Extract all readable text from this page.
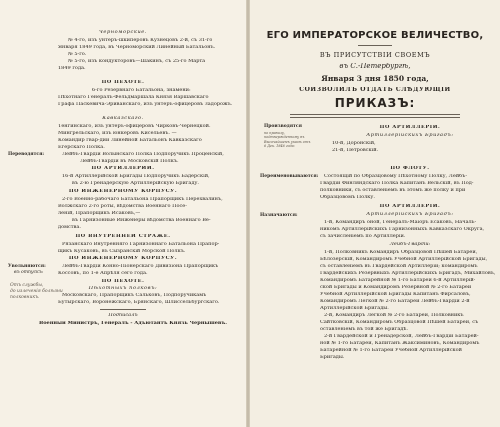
Черноморские.
№ 4-го, изъ унтеръ-шкиперовъ Кузнецовъ 2-й, съ 31-го
Января 1849 года, въ Черноморский Линейный Батальонъ.
№ 5-го.
№ 5-го, изъ кондукторовъ—Шакинъ, съ 25-го Марта
1849 года.
ПО ПЕХОТЕ.
6-го Резервнаго Батальона, знамени:
Пѣхотнаго Генералъ-Фельдмаршала Князя Варшавскаго
Графа Паскевича-Эриванскаго, изъ унтеръ-офицеровъ Задорожъ.
Кавказскаго.
Тенгинскаго, изъ унтеръ-офицеровъ Чирковъ-Чернецкой.
Мингрельскаго, изъ юнкеровъ Кисельевъ. —
Командир гвар-дии Линейной Батальонъ Кавказскаго
Егерскаго Полка.
Лейбъ-Гвардіи Волынскаго Полка Подпоручикъ Проценскій,
Лейбъ-Гвардіи въ Московскій Полкъ.
ПО АРТИЛЛЕРИИ.
16-й Артиллерійской Бригады Подпоручикъ Бадерскій,
въ 2-ю Гренадерскую Артиллерійскую Бригаду.
ПО ИНЖЕНЕРНОМУ КОРПУСУ.
2-го Военно-рабочаго Батальона Прапорщикъ Перехвалинъ,
Волжскаго 2-го роты, вѣдомства Военнаго Посе-
леній, Прапорщикъ Исаковъ,—
въ Гарнизонные Инженеры вѣдомства Военнаго Ве-
домства.
ПО ВНУТРЕННЕЙ СТРАЖЕ.
Рязанскаго Внутренняго Гарнизоннаго Батальона Прапор-
щикъ Кусаковъ, въ Сызранскій Морской Полкъ.
ПО ИНЖЕНЕРНОМУ КОРПУСУ.
Лейбъ-Гвардіи Конно-Піонерскаго Дивизіона Прапорщикъ
Коссовъ, по 1-е Апрѣля сего года.
ПО ПЕХОТЕ.
Пѣхотныхъ полковъ:
Московскаго, Прапорщикъ Сальковъ, Подпоручикамъ
Бутырскаго, Воронежскаго, Брянскаго, Шлиссельбургскаго.
Подписалъ
Военный Министръ, Генералъ - Адъютантъ Князь Чернышевъ.
Переводятся:
Увольняются:
въ отпускъ:
Отъ службы,
до излеченія болѣзни
полковникъ.
ЕГО ИМПЕРАТОРСКОЕ ВЕЛИЧЕСТВО,
ВЪ ПРИСУТСТВІИ СВОЕМЪ
въ С.-Петербургѣ,
Января 3 дня 1850 года,
СОИЗВОЛИЛЪ ОТДАТЬ СЛѢДУЮЩІЙ
ПРИКАЗЪ:
Производятся
по правилу, подтвержденному въ Высочайшемъ указѣ отъ 6 Дек. 1846 года:
Переименовываются:
Назначаются:
ПО АРТИЛЛЕРІИ.
Артиллерійскихъ Бригадъ:
10-й, Доронскій,
21-й, Петровскій.
ПО ФЛОТУ.
Состоящій по Образцовому Пѣхотному Полку, Лейбъ-
Гвардіи Финляндскаго Полка Капитанъ Вельскій, въ Под-
полковники, съ оставленіемъ въ этомъ же полку и при
Образцовомъ Полку.
ПО АРТИЛЛЕРІИ.
Артиллерійскихъ Бригадъ:
1-й, Командиръ оной, Генералъ-Маіоръ Есаковъ, Началь-
никомъ Артиллерійскихъ Гарнизонныхъ Кавказскаго Округа,
съ зачисленіемъ по Артиллеріи.
Лейбъ-Гвардіи:
1-й, Полковникъ Командиръ Образцовой Пѣшей Батареи,
Бѣлозерскій, Командиромъ Учебной Артиллерійской Бригады,
съ оставленіемъ въ Гвардейской Артиллеріи; командиромъ
Гвардейскихъ Резервныхъ Артиллерійскихъ Бригадъ, Михайловъ,
Командиромъ Батарейной № 1-го Батареи 6-й Артиллерій-
ской Бригады и Командиромъ Резервной № 2-го Батареи
Учебной Артиллерійской Бригады Капитанъ Фирсаловъ,
Командиромъ Легкой № 2-го Батареи Лейбъ-Гвардіи 2-й
Артиллерійской Бригады.
2-й, Командиръ Легкой № 2-го Батареи, Полковникъ
Сайтковскій, Командиромъ Образцовой Пѣшей Батареи, съ
оставленіемъ въ той же Бригадѣ.
2-й Гвардейской и Гренадерской, Лейбъ-Гвардіи Батарей-
ной № 1-го Батареи, Капитанъ Жаксиминовъ, Командиромъ
Батарейной № 1-го Батареи Учебной Артиллерійской
Бригады.
